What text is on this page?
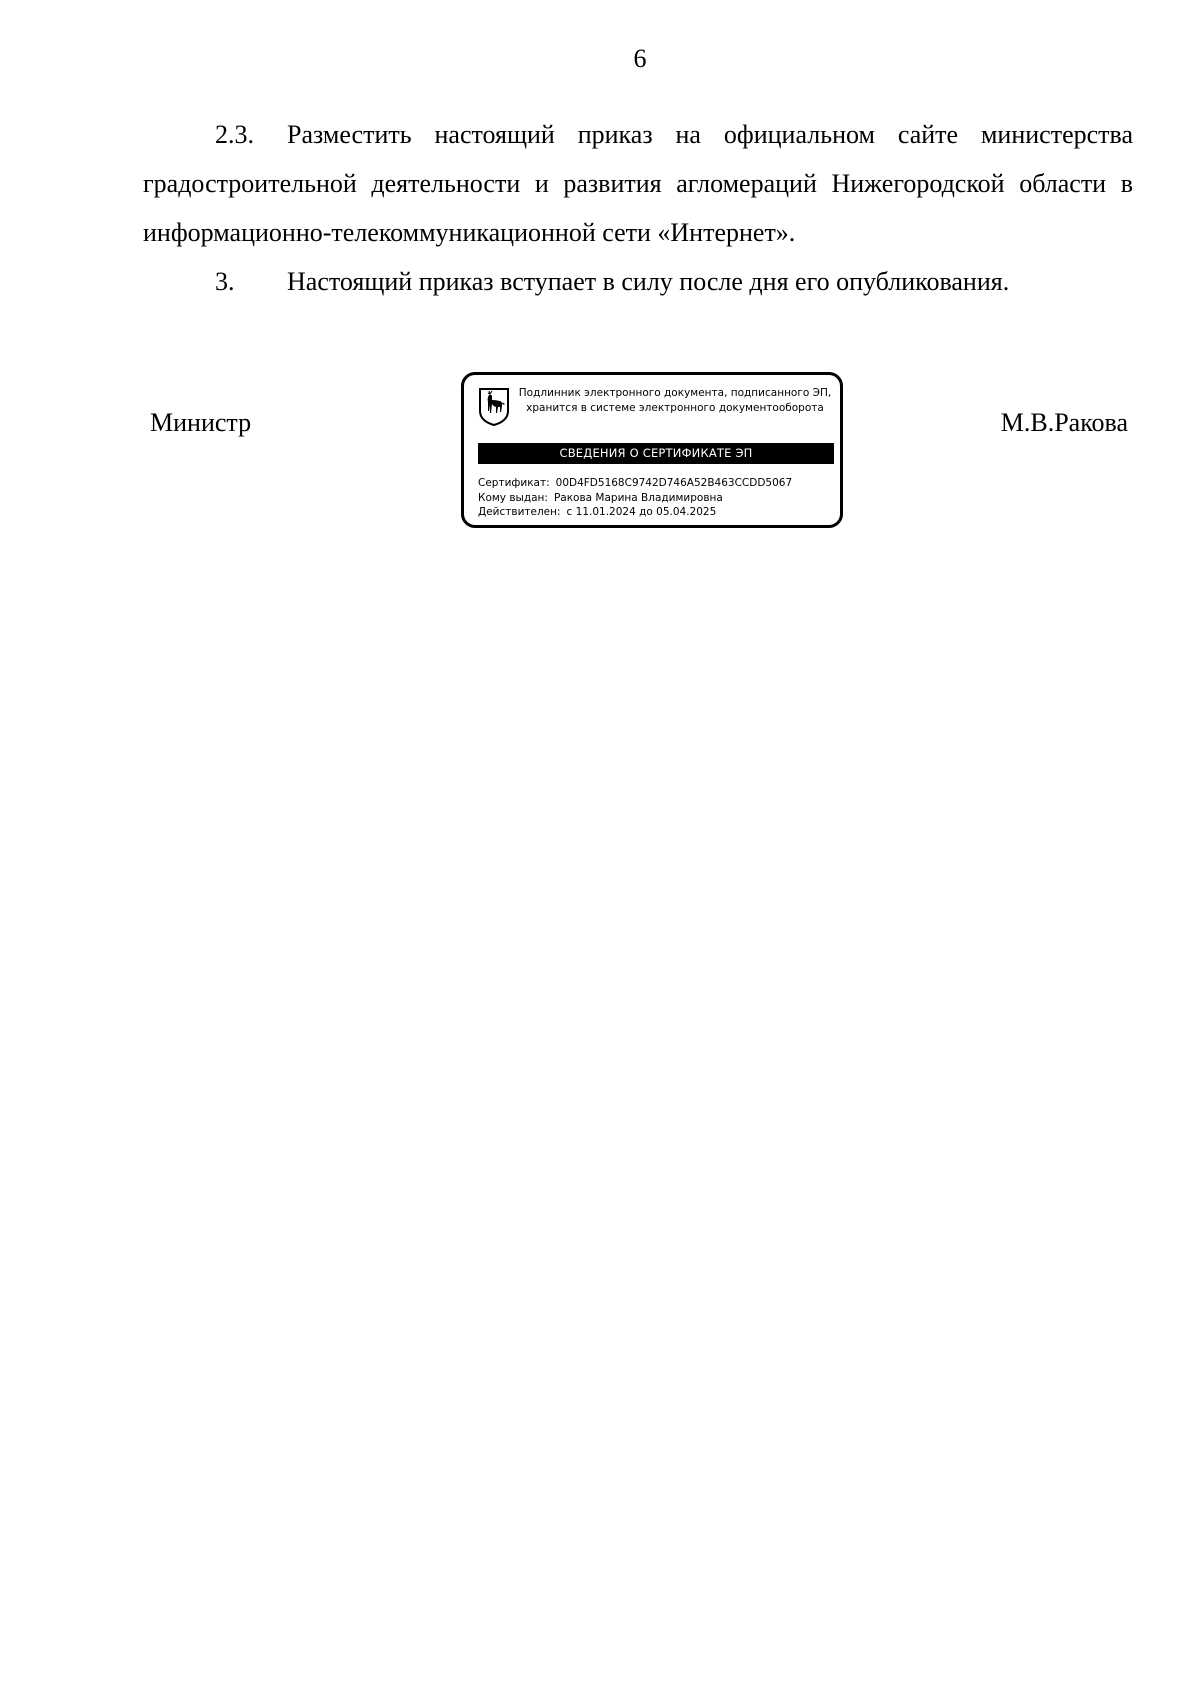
6

2.3. Разместить настоящий приказ на официальном сайте министерства градостроительной деятельности и развития агломераций Нижегородской области в информационно-телекоммуникационной сети «Интернет».

3. Настоящий приказ вступает в силу после дня его опубликования.

Министр
Подлинник электронного документа, подписанного ЭП,
хранится в системе электронного документооборота
СВЕДЕНИЯ О СЕРТИФИКАТЕ ЭП
Сертификат: 00D4FD5168C9742D746A52B463CCDD5067
Кому выдан: Ракова Марина Владимировна
Действителен: с 11.01.2024 до 05.04.2025
М.В.Ракова
